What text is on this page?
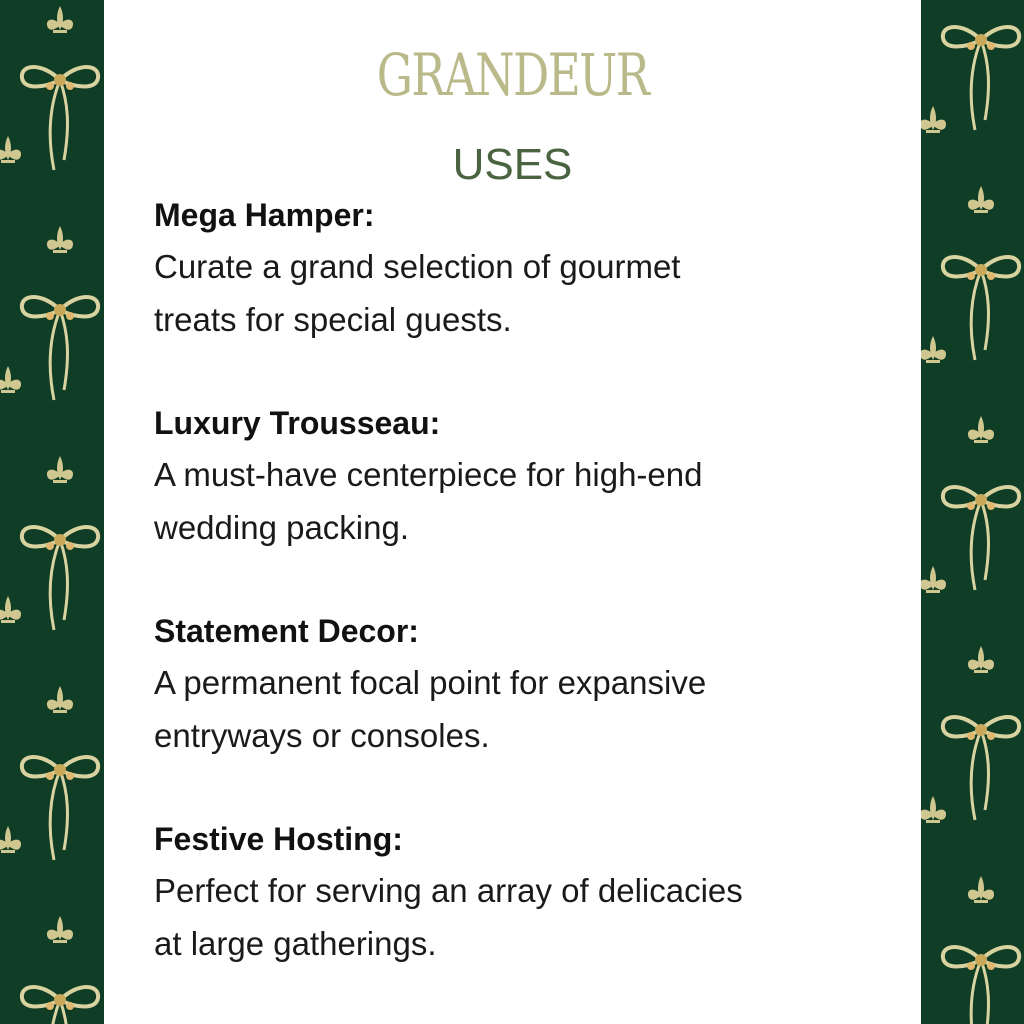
GRANDEUR
USES

Mega Hamper:

Curate a grand selection of gourmet

treats for special guests.

Luxury Trousseau:

A must-have centerpiece for high-end

wedding packing.

Statement Decor:

A permanent focal point for expansive

entryways or consoles.

Festive Hosting:

Perfect for serving an array of delicacies

at large gatherings.
